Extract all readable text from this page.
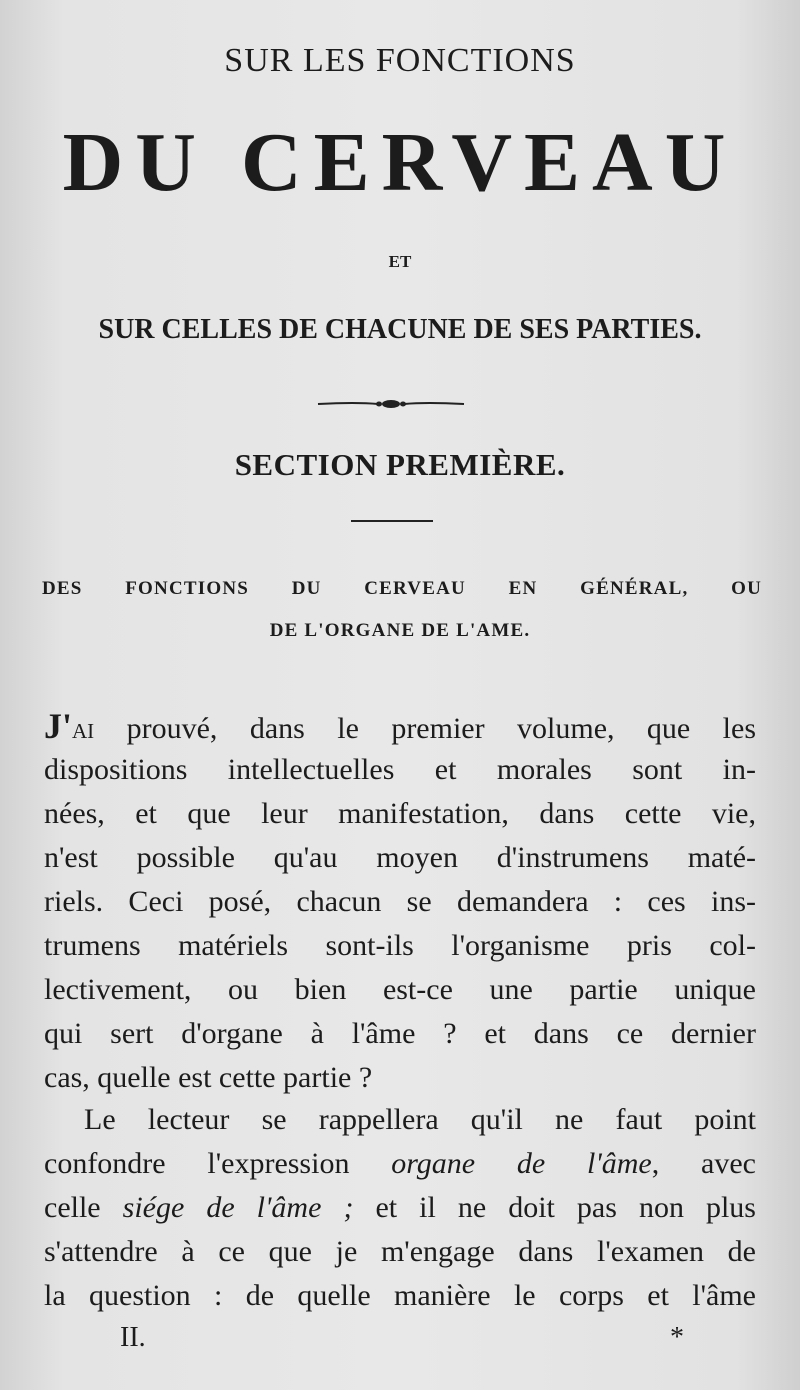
SUR LES FONCTIONS
DU CERVEAU
ET
SUR CELLES DE CHACUNE DE SES PARTIES.
SECTION PREMIÈRE.
DES FONCTIONS DU CERVEAU EN GÉNÉRAL, OU
DE L'ORGANE DE L'AME.
J'ai prouvé, dans le premier volume, que les
dispositions intellectuelles et morales sont in-
nées, et que leur manifestation, dans cette vie,
n'est possible qu'au moyen d'instrumens maté-
riels. Ceci posé, chacun se demandera : ces ins-
trumens matériels sont-ils l'organisme pris col-
lectivement, ou bien est-ce une partie unique
qui sert d'organe à l'âme ? et dans ce dernier
cas, quelle est cette partie ?
Le lecteur se rappellera qu'il ne faut point
confondre l'expression organe de l'âme, avec
celle siége de l'âme ; et il ne doit pas non plus
s'attendre à ce que je m'engage dans l'examen de
la question : de quelle manière le corps et l'âme
II.	*
